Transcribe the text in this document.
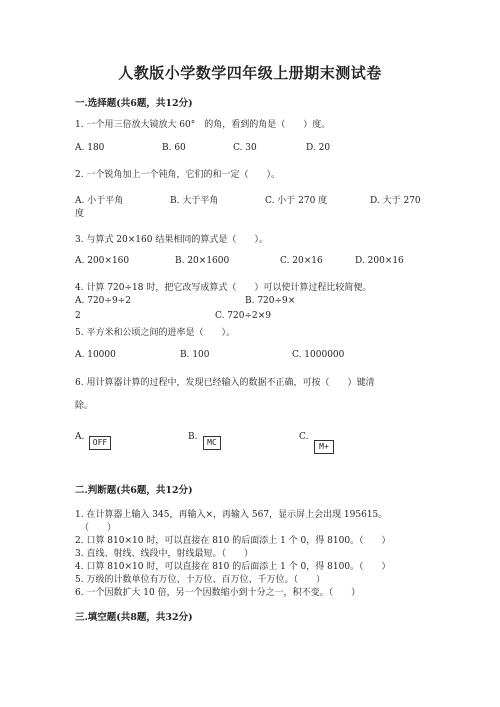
人教版小学数学四年级上册期末测试卷
一.选择题(共6题，共12分)
1. 一个用三倍放大镜放大 60°　的角，看到的角是（　　）度。
A. 180	B. 60	C. 30	D. 20
2. 一个锐角加上一个钝角，它们的和一定（　　）。
A. 小于平角	B. 大于平角	C. 小于 270 度	D. 大于 270
度
3. 与算式 20×160 结果相同的算式是（　　）。
A. 200×160	B. 20×1600	C. 20×16	D. 200×16
4. 计算 720÷18 时，把它改写成算式（　　）可以使计算过程比较简便。
A. 720÷9÷2	B. 720÷9×
2	C. 720÷2×9
5. 平方米和公顷之间的进率是（　　）。
A. 10000	B. 100	C. 1000000
6. 用计算器计算的过程中，发现已经输入的数据不正确，可按（　　）键清
除。
A.
OFF
B.
MC
C.
M+
二.判断题(共6题，共12分)
1. 在计算器上输入 345，再输入×，再输入 567，显示屏上会出现 195615。
（　　）
2. 口算 810×10 时，可以直接在 810 的后面添上 1 个 0，得 8100。（　　）
3. 直线、射线、线段中，射线最短。（　　）
4. 口算 810×10 时，可以直接在 810 的后面添上 1 个 0，得 8100。（　　）
5. 万级的计数单位有万位、十万位、百万位、千万位。（　　）
6. 一个因数扩大 10 倍，另一个因数缩小到十分之一，积不变。（　　）
三.填空题(共8题，共32分)
